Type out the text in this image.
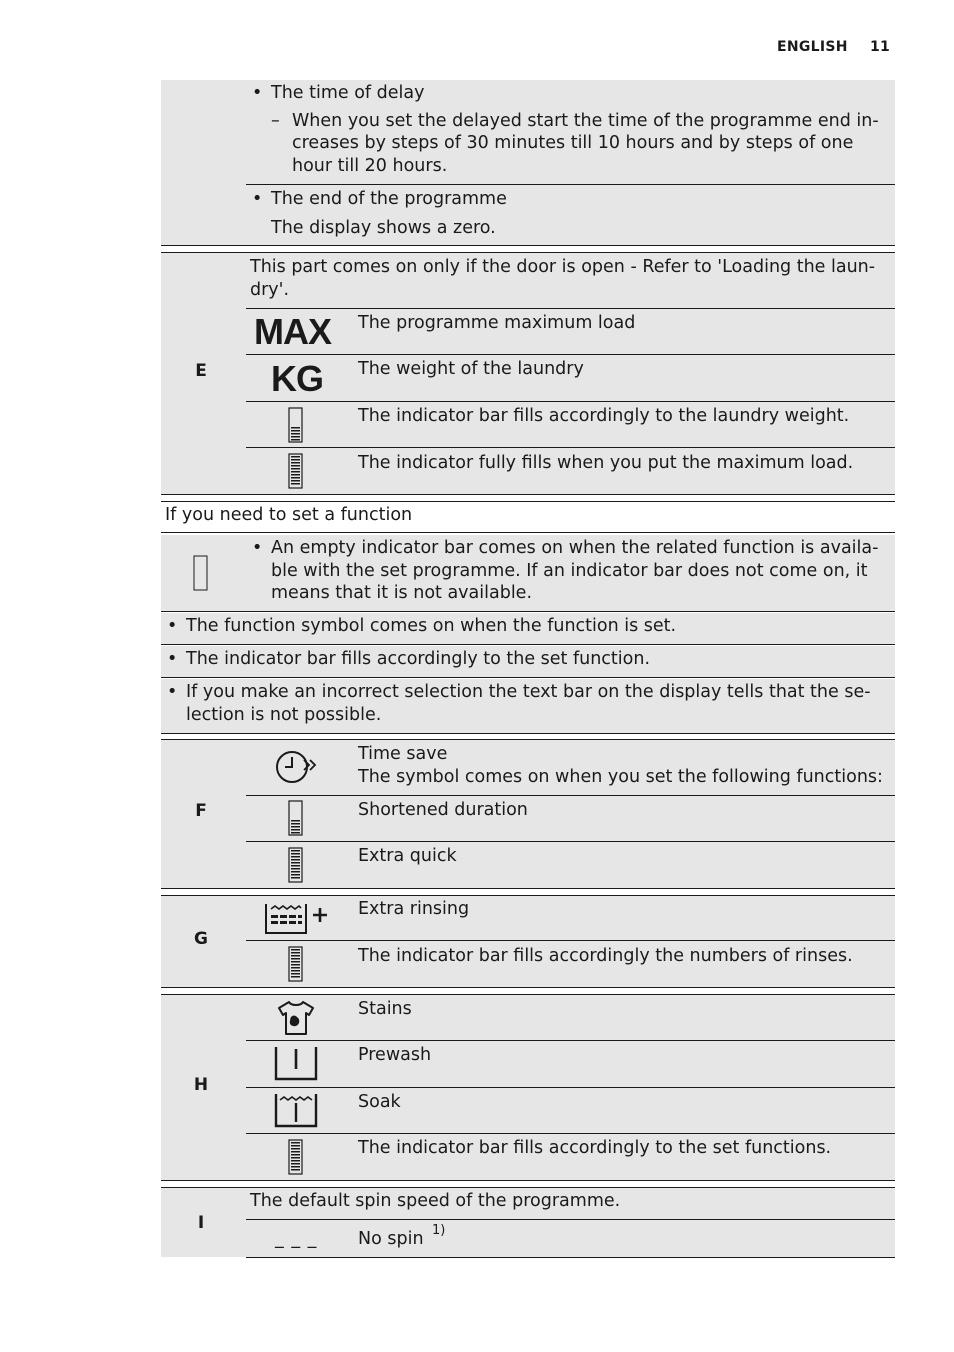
ENGLISH 11
• The time of delay
– When you set the delayed start the time of the programme end in-
creases by steps of 30 minutes till 10 hours and by steps of one
hour till 20 hours.
• The end of the programme
The display shows a zero.
E
This part comes on only if the door is open - Refer to 'Loading the laun-
dry'.
MAX The programme maximum load
KG The weight of the laundry
The indicator bar fills accordingly to the laundry weight.
The indicator fully fills when you put the maximum load.
If you need to set a function
• An empty indicator bar comes on when the related function is availa-
ble with the set programme. If an indicator bar does not come on, it
means that it is not available.
• The function symbol comes on when the function is set.
• The indicator bar fills accordingly to the set function.
• If you make an incorrect selection the text bar on the display tells that the se-
lection is not possible.
F
Time save
The symbol comes on when you set the following functions:
Shortened duration
Extra quick
G
Extra rinsing
The indicator bar fills accordingly the numbers of rinses.
H
Stains
Prewash
Soak
The indicator bar fills accordingly to the set functions.
I
The default spin speed of the programme.
_ _ _ No spin 1)
